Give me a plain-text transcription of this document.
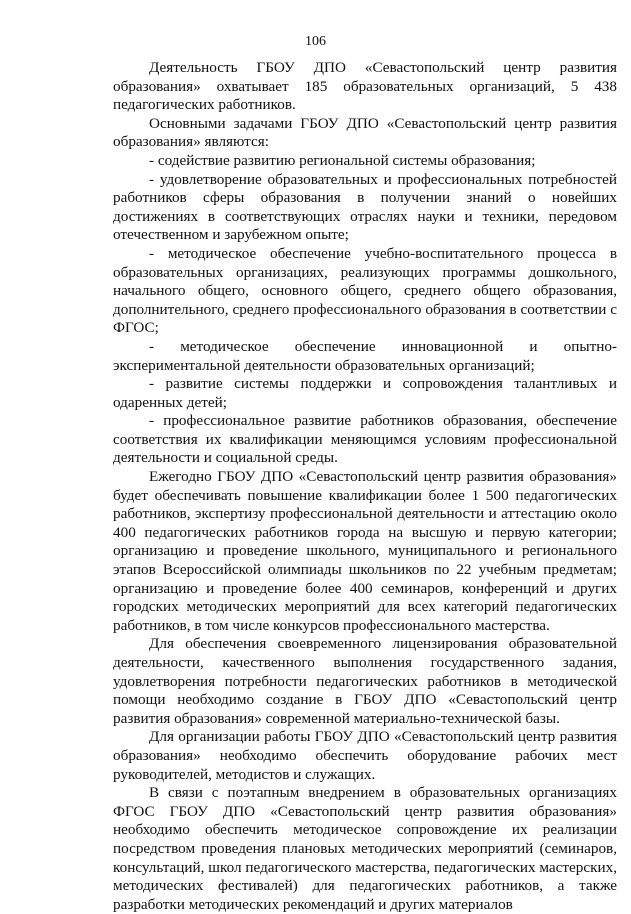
106

Деятельность ГБОУ ДПО «Севастопольский центр развития образования» охватывает 185 образовательных организаций, 5 438 педагогических работников.

Основными задачами ГБОУ ДПО «Севастопольский центр развития образования» являются:

- содействие развитию региональной системы образования;

- удовлетворение образовательных и профессиональных потребностей работников сферы образования в получении знаний о новейших достижениях в соответствующих отраслях науки и техники, передовом отечественном и зарубежном опыте;

- методическое обеспечение учебно-воспитательного процесса в образовательных организациях, реализующих программы дошкольного, начального общего, основного общего, среднего общего образования, дополнительного, среднего профессионального образования в соответствии с ФГОС;

- методическое обеспечение инновационной и опытно-экспериментальной деятельности образовательных организаций;

- развитие системы поддержки и сопровождения талантливых и одаренных детей;

- профессиональное развитие работников образования, обеспечение соответствия их квалификации меняющимся условиям профессиональной деятельности и социальной среды.

Ежегодно ГБОУ ДПО «Севастопольский центр развития образования» будет обеспечивать повышение квалификации более 1 500 педагогических работников, экспертизу профессиональной деятельности и аттестацию около 400 педагогических работников города на высшую и первую категории; организацию и проведение школьного, муниципального и регионального этапов Всероссийской олимпиады школьников по 22 учебным предметам; организацию и проведение более 400 семинаров, конференций и других городских методических мероприятий для всех категорий педагогических работников, в том числе конкурсов профессионального мастерства.

Для обеспечения своевременного лицензирования образовательной деятельности, качественного выполнения государственного задания, удовлетворения потребности педагогических работников в методической помощи необходимо создание в ГБОУ ДПО «Севастопольский центр развития образования» современной материально-технической базы.

Для организации работы ГБОУ ДПО «Севастопольский центр развития образования» необходимо обеспечить оборудование рабочих мест руководителей, методистов и служащих.

В связи с поэтапным внедрением в образовательных организациях ФГОС ГБОУ ДПО «Севастопольский центр развития образования» необходимо обеспечить методическое сопровождение их реализации посредством проведения плановых методических мероприятий (семинаров, консультаций, школ педагогического мастерства, педагогических мастерских, методических фестивалей) для педагогических работников, а также разработки методических рекомендаций и других материалов
